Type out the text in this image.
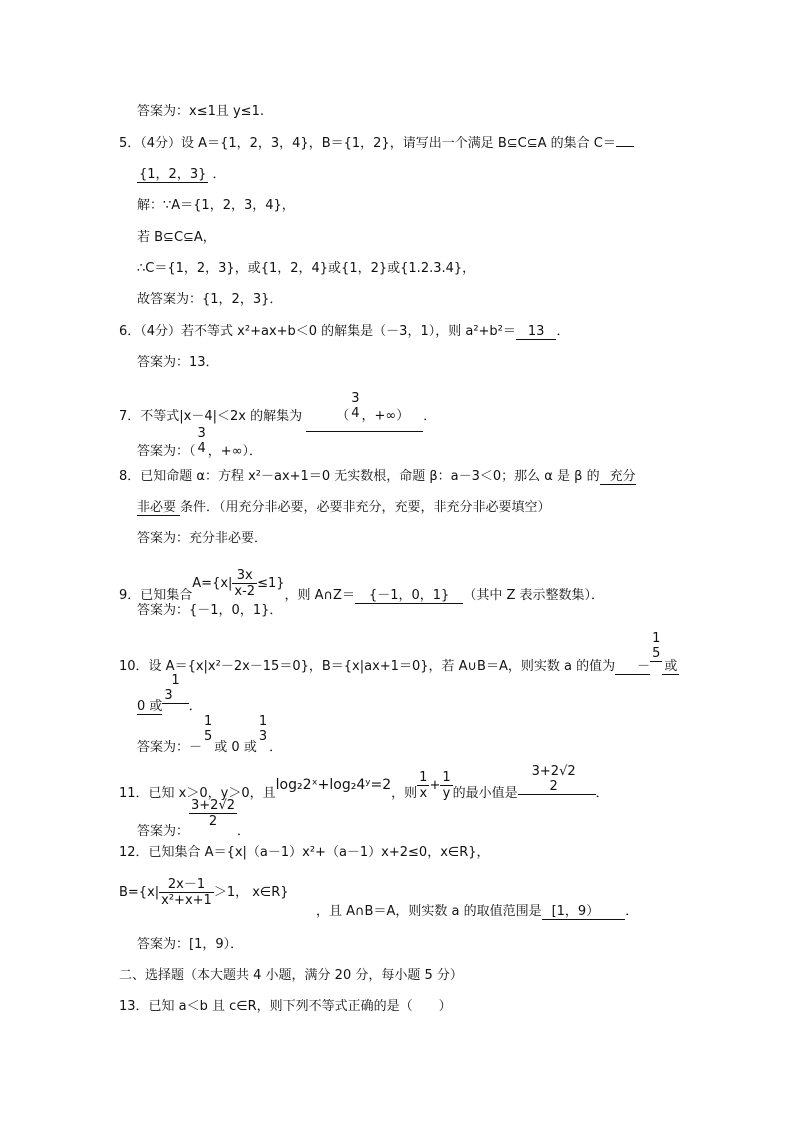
答案为：x≤1且 y≤1.
5．（4分）设 A＝{1，2，3，4}，B＝{1，2}，请写出一个满足 B⊆C⊆A 的集合 C＝
{1，2，3} ．
解：∵A＝{1，2，3，4}，
若 B⊆C⊆A，
∴C＝{1，2，3}，或{1，2，4}或{1，2}或{1.2.3.4}，
故答案为：{1，2，3}．
6．（4分）若不等式 x²+ax+b＜0 的解集是（－3，1），则 a²+b²＝ 13 ．
答案为：13．
7．不等式|x－4|＜2x 的解集为	（
3
4 ，+∞） ．
答案为：（
3
4 ，+∞）．
8．已知命题 α：方程 x²－ax+1＝0 无实数根，命题 β：a－3＜0；那么 α 是 β 的 充分
非必要 条件．（用充分非必要，必要非充分，充要，非充分非必要填空）
答案为：充分非必要．
9．已知集合$A=\{x| \frac{3x}{x-2} \le 1\}$，则 A∩Z＝ {－1，0，1} （其中 Z 表示整数集）．
答案为：{－1，0，1}．
10．设 A＝{x|x²－2x－15＝0}，B＝{x|ax+1＝0}，若 A∪B＝A，则实数 a 的值为 －
1
5
或
0 或
1
3
．
答案为：－
1
5
或 0 或
1
3
．
11．已知 x＞0，y＞0，且log₂2ˣ+log₂4ʸ=2，则 $\frac{1}{x} + \frac{1}{y}$ 的最小值是
3+2√2
2	．
答案为：
$\frac{3+2√2}{2}$
．
12．已知集合 A＝{x|（a－1）x²+（a－1）x+2≤0，x∈R}，
$B=\{x| \frac{2x-1}{\text{x²+x+1}} >1$， x∈R}
，且 A∩B＝A，则实数 a 的取值范围是 [1，9） ．
答案为：[1，9）．
二、选择题（本大题共 4 小题，满分 20 分，每小题 5 分）
13．已知 a＜b 且 c∈R，则下列不等式正确的是（　　）
